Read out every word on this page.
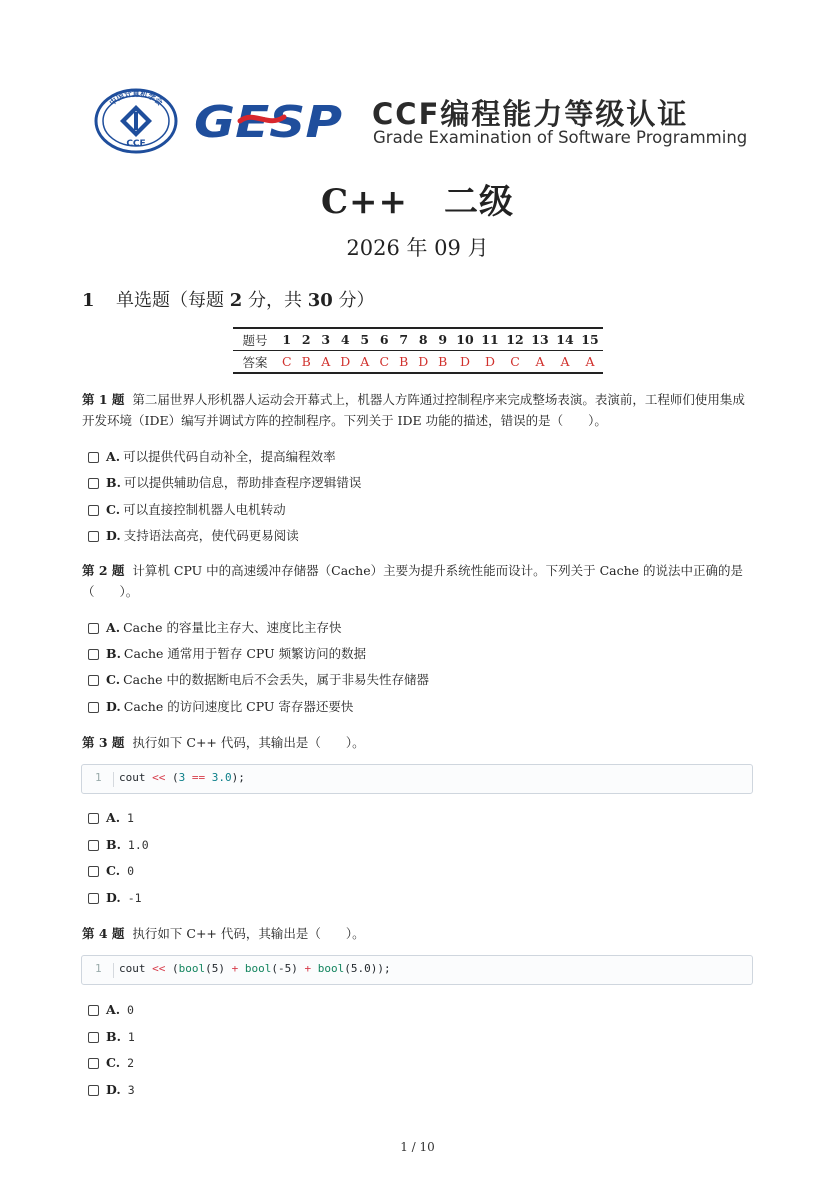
中国计算机学会
CCF GESP CCF编程能力等级认证
Grade Examination of Software Programming
C++ 二级
2026 年 09 月
1 单选题（每题 2 分，共 30 分）
题号	1	2	3	4	5	6	7	8	9	10	11	12	13	14	15
答案	C	B	A	D	A	C	B	D	B	D	D	C	A	A	A
第 1 题 第二届世界人形机器人运动会开幕式上，机器人方阵通过控制程序来完成整场表演。表演前，工程师们使用集成开发环境（IDE）编写并调试方阵的控制程序。下列关于 IDE 功能的描述，错误的是（　　）。
A. 可以提供代码自动补全，提高编程效率
B. 可以提供辅助信息，帮助排查程序逻辑错误
C. 可以直接控制机器人电机转动
D. 支持语法高亮，使代码更易阅读
第 2 题 计算机 CPU 中的高速缓冲存储器（Cache）主要为提升系统性能而设计。下列关于 Cache 的说法中正确的是（　　）。
A. Cache 的容量比主存大、速度比主存快
B. Cache 通常用于暂存 CPU 频繁访问的数据
C. Cache 中的数据断电后不会丢失，属于非易失性存储器
D. Cache 的访问速度比 CPU 寄存器还要快
第 3 题 执行如下 C++ 代码，其输出是（　　）。
1 cout << (3 == 3.0);
A. 1
B. 1.0
C. 0
D. -1
第 4 题 执行如下 C++ 代码，其输出是（　　）。
1 cout << (bool(5) + bool(-5) + bool(5.0));
A. 0
B. 1
C. 2
D. 3
1 / 10
